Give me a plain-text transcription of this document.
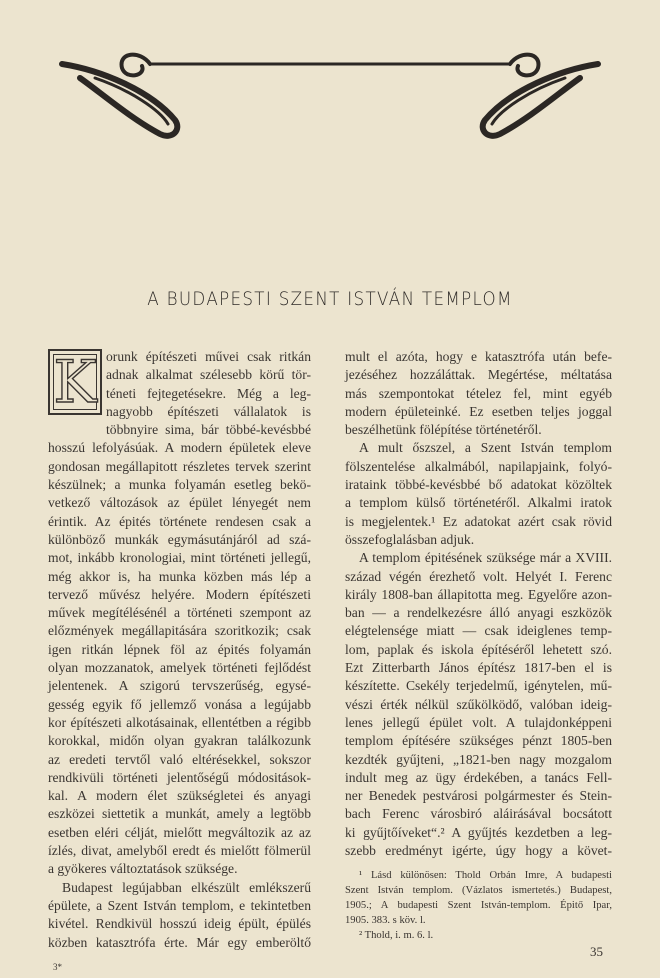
A BUDAPESTI SZENT ISTVÁN TEMPLOM
K orunk építészeti művei csak ritkán
adnak alkalmat szélesebb körű tör-
téneti fejtegetésekre. Még a leg-
nagyobb építészeti vállalatok is
többnyire sima, bár többé-kevésbbé
hosszú lefolyásúak. A modern épületek eleve
gondosan megállapitott részletes tervek szerint
készülnek; a munka folyamán esetleg bekö-
vetkező változások az épület lényegét nem
érintik. Az épités története rendesen csak a
különböző munkák egymásutánjáról ad szá-
mot, inkább kronologiai, mint történeti jellegű,
még akkor is, ha munka közben más lép a
tervező művész helyére. Modern építészeti
művek megítélésénél a történeti szempont az
előzmények megállapitására szoritkozik; csak
igen ritkán lépnek föl az épités folyamán
olyan mozzanatok, amelyek történeti fejlődést
jelentenek. A szigorú tervszerűség, egysé-
gesség egyik fő jellemző vonása a legújabb
kor építészeti alkotásainak, ellentétben a régibb
korokkal, midőn olyan gyakran találkozunk
az eredeti tervtől való eltérésekkel, sokszor
rendkivüli történeti jelentőségű módositások-
kal. A modern élet szükségletei és anyagi
eszközei siettetik a munkát, amely a legtöbb
esetben eléri célját, mielőtt megváltozik az az
ízlés, divat, amelyből eredt és mielőtt fölmerül
a gyökeres változtatások szüksége.
Budapest legújabban elkészült emlékszerű
épülete, a Szent István templom, e tekintetben
kivétel. Rendkivül hosszú ideig épült, épülés
közben katasztrófa érte. Már egy emberöltő
mult el azóta, hogy e katasztrófa után befe-
jezéséhez hozzáláttak. Megértése, méltatása
más szempontokat tételez fel, mint egyéb
modern épületeinké. Ez esetben teljes joggal
beszélhetünk fölépítése történetéről.
A mult őszszel, a Szent István templom
fölszentelése alkalmából, napilapjaink, folyó-
irataink többé-kevésbbé bő adatokat közöltek
a templom külső történetéről. Alkalmi iratok
is megjelentek.¹ Ez adatokat azért csak rövid
összefoglalásban adjuk.
A templom épitésének szüksége már a XVIII.
század végén érezhető volt. Helyét I. Ferenc
király 1808-ban állapitotta meg. Egyelőre azon-
ban — a rendelkezésre álló anyagi eszközök
elégtelensége miatt — csak ideiglenes temp-
lom, paplak és iskola építéséről lehetett szó.
Ezt Zitterbarth János építész 1817-ben el is
készítette. Csekély terjedelmű, igénytelen, mű-
vészi érték nélkül szűkölködő, valóban ideig-
lenes jellegű épület volt. A tulajdonképpeni
templom építésére szükséges pénzt 1805-ben
kezdték gyűjteni, „1821-ben nagy mozgalom
indult meg az ügy érdekében, a tanács Fell-
ner Benedek pestvárosi polgármester és Stein-
bach Ferenc városbiró aláirásával bocsátott
ki gyűjtőíveket“.² A gyűjtés kezdetben a leg-
szebb eredményt igérte, úgy hogy a követ-
¹ Lásd különösen: Thold Orbán Imre, A budapesti
Szent István templom. (Vázlatos ismertetés.) Budapest,
1905.; A budapesti Szent István-templom. Épitő Ipar,
1905. 383. s köv. l.
² Thold, i. m. 6. l.
3*
35
